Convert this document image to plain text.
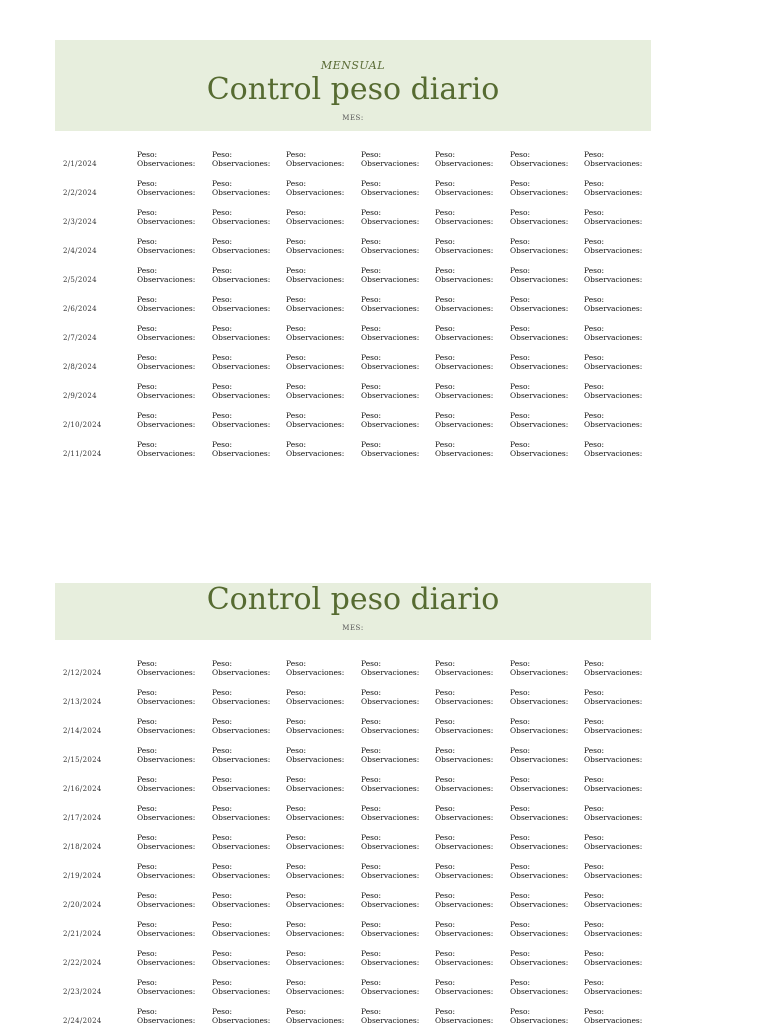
MENSUAL
Control peso diario
MES:
2/1/2024
Peso:
Observaciones:
Peso:
Observaciones:
Peso:
Observaciones:
Peso:
Observaciones:
Peso:
Observaciones:
Peso:
Observaciones:
Peso:
Observaciones:
2/2/2024
Peso:
Observaciones:
Peso:
Observaciones:
Peso:
Observaciones:
Peso:
Observaciones:
Peso:
Observaciones:
Peso:
Observaciones:
Peso:
Observaciones:
2/3/2024
Peso:
Observaciones:
Peso:
Observaciones:
Peso:
Observaciones:
Peso:
Observaciones:
Peso:
Observaciones:
Peso:
Observaciones:
Peso:
Observaciones:
2/4/2024
Peso:
Observaciones:
Peso:
Observaciones:
Peso:
Observaciones:
Peso:
Observaciones:
Peso:
Observaciones:
Peso:
Observaciones:
Peso:
Observaciones:
2/5/2024
Peso:
Observaciones:
Peso:
Observaciones:
Peso:
Observaciones:
Peso:
Observaciones:
Peso:
Observaciones:
Peso:
Observaciones:
Peso:
Observaciones:
2/6/2024
Peso:
Observaciones:
Peso:
Observaciones:
Peso:
Observaciones:
Peso:
Observaciones:
Peso:
Observaciones:
Peso:
Observaciones:
Peso:
Observaciones:
2/7/2024
Peso:
Observaciones:
Peso:
Observaciones:
Peso:
Observaciones:
Peso:
Observaciones:
Peso:
Observaciones:
Peso:
Observaciones:
Peso:
Observaciones:
2/8/2024
Peso:
Observaciones:
Peso:
Observaciones:
Peso:
Observaciones:
Peso:
Observaciones:
Peso:
Observaciones:
Peso:
Observaciones:
Peso:
Observaciones:
2/9/2024
Peso:
Observaciones:
Peso:
Observaciones:
Peso:
Observaciones:
Peso:
Observaciones:
Peso:
Observaciones:
Peso:
Observaciones:
Peso:
Observaciones:
2/10/2024
Peso:
Observaciones:
Peso:
Observaciones:
Peso:
Observaciones:
Peso:
Observaciones:
Peso:
Observaciones:
Peso:
Observaciones:
Peso:
Observaciones:
2/11/2024
Peso:
Observaciones:
Peso:
Observaciones:
Peso:
Observaciones:
Peso:
Observaciones:
Peso:
Observaciones:
Peso:
Observaciones:
Peso:
Observaciones:
Control peso diario
MES:
2/12/2024
Peso:
Observaciones:
Peso:
Observaciones:
Peso:
Observaciones:
Peso:
Observaciones:
Peso:
Observaciones:
Peso:
Observaciones:
Peso:
Observaciones:
2/13/2024
Peso:
Observaciones:
Peso:
Observaciones:
Peso:
Observaciones:
Peso:
Observaciones:
Peso:
Observaciones:
Peso:
Observaciones:
Peso:
Observaciones:
2/14/2024
Peso:
Observaciones:
Peso:
Observaciones:
Peso:
Observaciones:
Peso:
Observaciones:
Peso:
Observaciones:
Peso:
Observaciones:
Peso:
Observaciones:
2/15/2024
Peso:
Observaciones:
Peso:
Observaciones:
Peso:
Observaciones:
Peso:
Observaciones:
Peso:
Observaciones:
Peso:
Observaciones:
Peso:
Observaciones:
2/16/2024
Peso:
Observaciones:
Peso:
Observaciones:
Peso:
Observaciones:
Peso:
Observaciones:
Peso:
Observaciones:
Peso:
Observaciones:
Peso:
Observaciones:
2/17/2024
Peso:
Observaciones:
Peso:
Observaciones:
Peso:
Observaciones:
Peso:
Observaciones:
Peso:
Observaciones:
Peso:
Observaciones:
Peso:
Observaciones:
2/18/2024
Peso:
Observaciones:
Peso:
Observaciones:
Peso:
Observaciones:
Peso:
Observaciones:
Peso:
Observaciones:
Peso:
Observaciones:
Peso:
Observaciones:
2/19/2024
Peso:
Observaciones:
Peso:
Observaciones:
Peso:
Observaciones:
Peso:
Observaciones:
Peso:
Observaciones:
Peso:
Observaciones:
Peso:
Observaciones:
2/20/2024
Peso:
Observaciones:
Peso:
Observaciones:
Peso:
Observaciones:
Peso:
Observaciones:
Peso:
Observaciones:
Peso:
Observaciones:
Peso:
Observaciones:
2/21/2024
Peso:
Observaciones:
Peso:
Observaciones:
Peso:
Observaciones:
Peso:
Observaciones:
Peso:
Observaciones:
Peso:
Observaciones:
Peso:
Observaciones:
2/22/2024
Peso:
Observaciones:
Peso:
Observaciones:
Peso:
Observaciones:
Peso:
Observaciones:
Peso:
Observaciones:
Peso:
Observaciones:
Peso:
Observaciones:
2/23/2024
Peso:
Observaciones:
Peso:
Observaciones:
Peso:
Observaciones:
Peso:
Observaciones:
Peso:
Observaciones:
Peso:
Observaciones:
Peso:
Observaciones:
2/24/2024
Peso:
Observaciones:
Peso:
Observaciones:
Peso:
Observaciones:
Peso:
Observaciones:
Peso:
Observaciones:
Peso:
Observaciones:
Peso:
Observaciones:
